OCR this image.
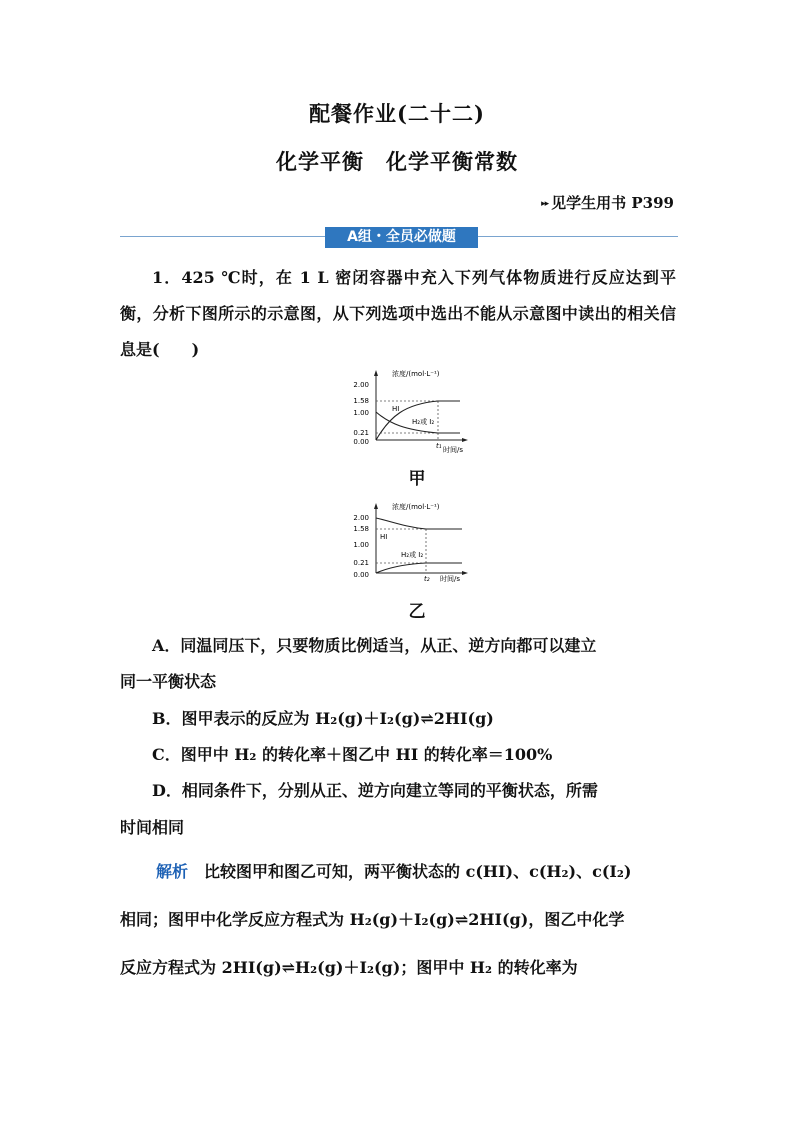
配餐作业(二十二)
化学平衡　化学平衡常数
▸▸ 见学生用书 P399
A组・全员必做题
1．425 ℃时，在 1 L 密闭容器中充入下列气体物质进行反应达到平衡，分析下图所示的示意图，从下列选项中选出不能从示意图中读出的相关信息是(　　)
浓度/(mol·L⁻¹)
2.00
1.58
1.00
0.21
0.00
HI
H₂或 I₂
t₁ 时间/s
甲
浓度/(mol·L⁻¹)
2.00
1.58
1.00
0.21
0.00
HI
H₂或 I₂
t₂ 时间/s
乙
A．同温同压下，只要物质比例适当，从正、逆方向都可以建立
同一平衡状态
B．图甲表示的反应为 H₂(g)＋I₂(g)⇌2HI(g)
C．图甲中 H₂ 的转化率＋图乙中 HI 的转化率＝100%
D．相同条件下，分别从正、逆方向建立等同的平衡状态，所需
时间相同
解析　 比较图甲和图乙可知，两平衡状态的 c(HI)、c(H₂)、c(I₂)
相同；图甲中化学反应方程式为 H₂(g)＋I₂(g)⇌2HI(g)，图乙中化学
反应方程式为 2HI(g)⇌H₂(g)＋I₂(g)；图甲中 H₂ 的转化率为
